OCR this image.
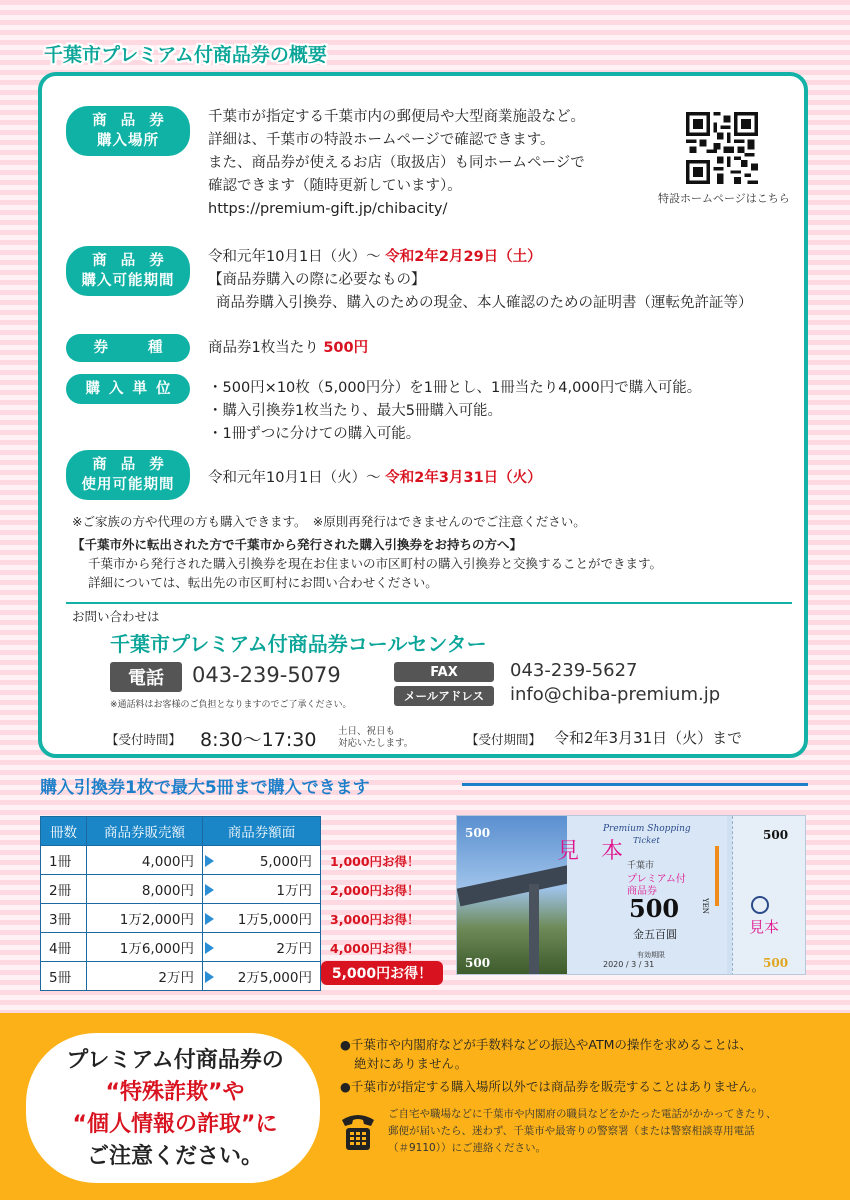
千葉市プレミアム付商品券の概要
商品券
購入場所
千葉市が指定する千葉市内の郵便局や大型商業施設など。
詳細は、千葉市の特設ホームページで確認できます。
また、商品券が使えるお店（取扱店）も同ホームページで
確認できます（随時更新しています）。
https://premium-gift.jp/chibacity/
特設ホームページはこちら
商品券
購入可能期間
令和元年10月1日（火）〜 令和2年2月29日（土）
【商品券購入の際に必要なもの】
商品券購入引換券、購入のための現金、本人確認のための証明書（運転免許証等）
券種 商品券1枚当たり 500円
購入単位 ・500円×10枚（5,000円分）を1冊とし、1冊当たり4,000円で購入可能。
・購入引換券1枚当たり、最大5冊購入可能。
・1冊ずつに分けての購入可能。
商品券
使用可能期間 令和元年10月1日（火）〜 令和2年3月31日（火）
※ご家族の方や代理の方も購入できます。　※原則再発行はできませんのでご注意ください。
【千葉市外に転出された方で千葉市から発行された購入引換券をお持ちの方へ】
千葉市から発行された購入引換券を現在お住まいの市区町村の購入引換券と交換することができます。
詳細については、転出先の市区町村にお問い合わせください。
お問い合わせは
千葉市プレミアム付商品券コールセンター
電話	043-239-5079
※通話料はお客様のご負担となりますのでご了承ください。
FAX	043-239-5627
メールアドレス	info@chiba-premium.jp
【受付時間】 8:30〜17:30 土日、祝日も
対応いたします。	【受付期間】 令和2年3月31日（火）まで
購入引換券1枚で最大5冊まで購入できます
冊数	商品券販売額	商品券額面
1冊	4,000円	5,000円
2冊	8,000円	1万円
3冊	1万2,000円	1万5,000円
4冊	1万6,000円	2万円
5冊	2万円	2万5,000円
1,000円お得！
2,000円お得！
3,000円お得！
4,000円お得！
5,000円お得！
500
500
Premium Shopping
Ticket
見　本
千葉市
プレミアム付
商品券
500	YEN
金五百圓
有効期限
2020 / 3 / 31
500
500
見本
プレミアム付商品券の
“特殊詐欺”や
“個人情報の詐取”に
ご注意ください。
●千葉市や内閣府などが手数料などの振込やATMの操作を求めることは、
絶対にありません。
●千葉市が指定する購入場所以外では商品券を販売することはありません。
ご自宅や職場などに千葉市や内閣府の職員などをかたった電話がかかってきたり、
郵便が届いたら、迷わず、千葉市や最寄りの警察署（または警察相談専用電話
（＃9110））にご連絡ください。
